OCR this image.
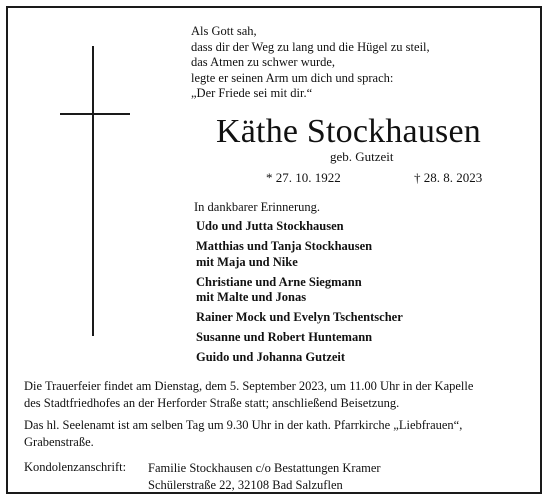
Als Gott sah,
dass dir der Weg zu lang und die Hügel zu steil,
das Atmen zu schwer wurde,
legte er seinen Arm um dich und sprach:
„Der Friede sei mit dir.“
Käthe Stockhausen
geb. Gutzeit
* 27. 10. 1922	† 28. 8. 2023
In dankbarer Erinnerung.
Udo und Jutta Stockhausen
Matthias und Tanja Stockhausen
mit Maja und Nike
Christiane und Arne Siegmann
mit Malte und Jonas
Rainer Mock und Evelyn Tschentscher
Susanne und Robert Huntemann
Guido und Johanna Gutzeit
Die Trauerfeier findet am Dienstag, dem 5. September 2023, um 11.00 Uhr in der Kapelle
des Stadtfriedhofes an der Herforder Straße statt; anschließend Beisetzung.
Das hl. Seelenamt ist am selben Tag um 9.30 Uhr in der kath. Pfarrkirche „Liebfrauen“,
Grabenstraße.
Kondolenzanschrift: Familie Stockhausen c/o Bestattungen Kramer
Schülerstraße 22, 32108 Bad Salzuflen
